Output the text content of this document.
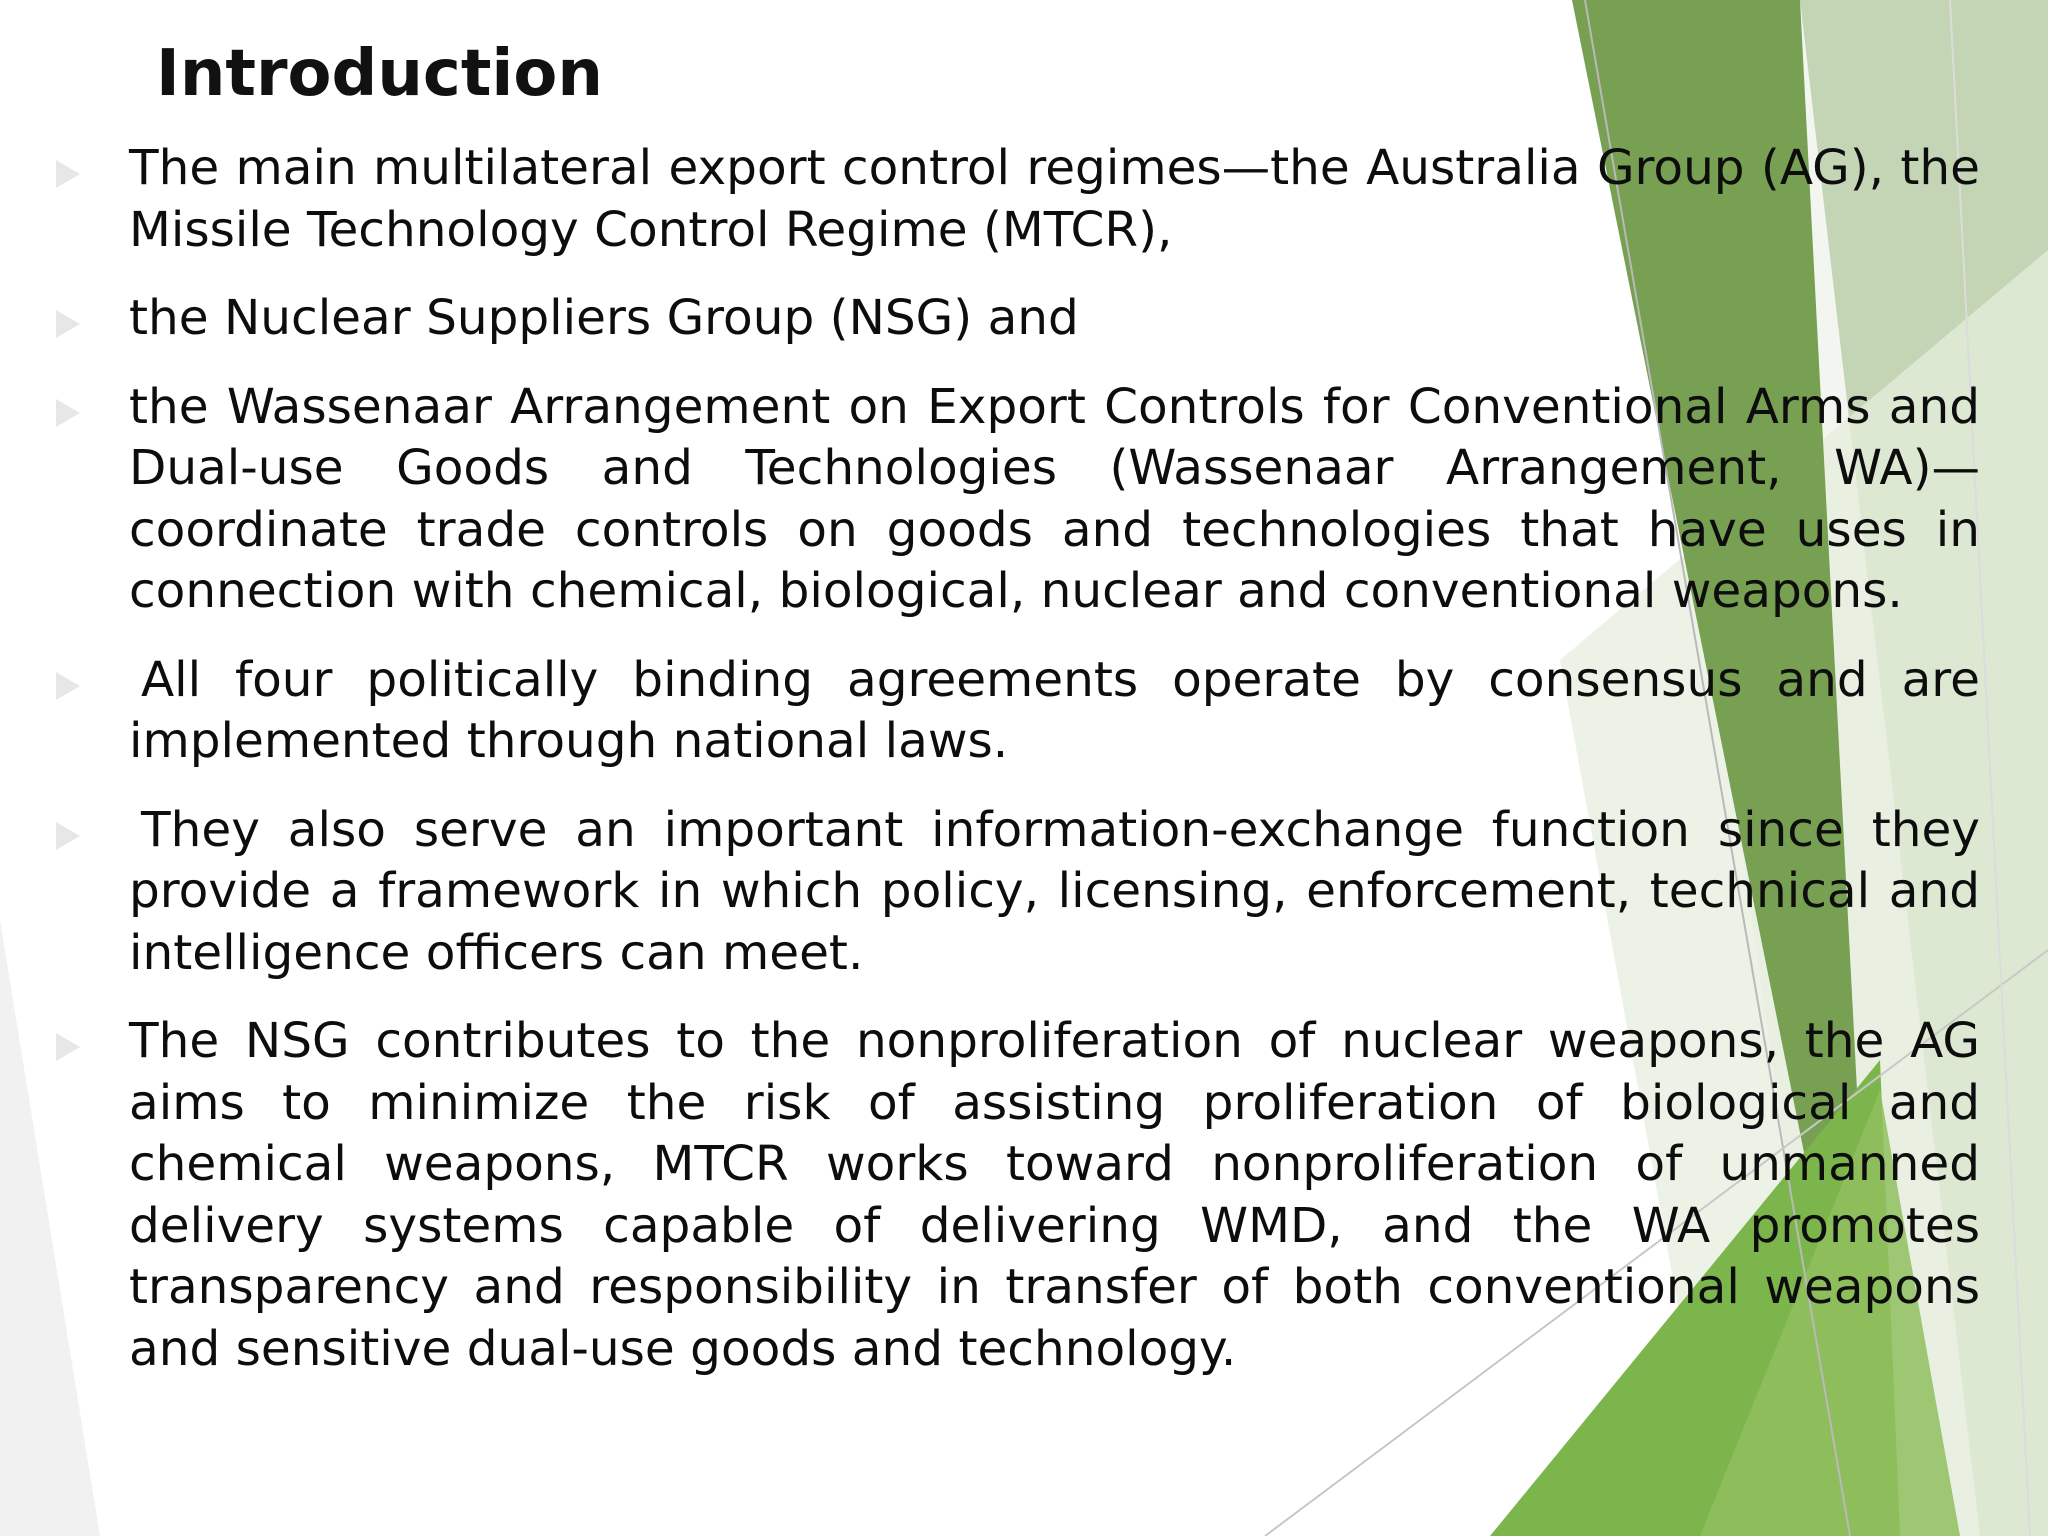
Introduction
The main multilateral export control regimes—the Australia Group (AG), the Missile Technology Control Regime (MTCR),
the Nuclear Suppliers Group (NSG) and
the Wassenaar Arrangement on Export Controls for Conventional Arms and Dual-use Goods and Technologies (Wassenaar Arrangement, WA)—coordinate trade controls on goods and technologies that have uses in connection with chemical, biological, nuclear and conventional weapons.
All four politically binding agreements operate by consensus and are implemented through national laws.
They also serve an important information-exchange function since they provide a framework in which policy, licensing, enforcement, technical and intelligence officers can meet.
The NSG contributes to the nonproliferation of nuclear weapons, the AG aims to minimize the risk of assisting proliferation of biological and chemical weapons, MTCR works toward nonproliferation of unmanned delivery systems capable of delivering WMD, and the WA promotes transparency and responsibility in transfer of both conventional weapons and sensitive dual-use goods and technology.
